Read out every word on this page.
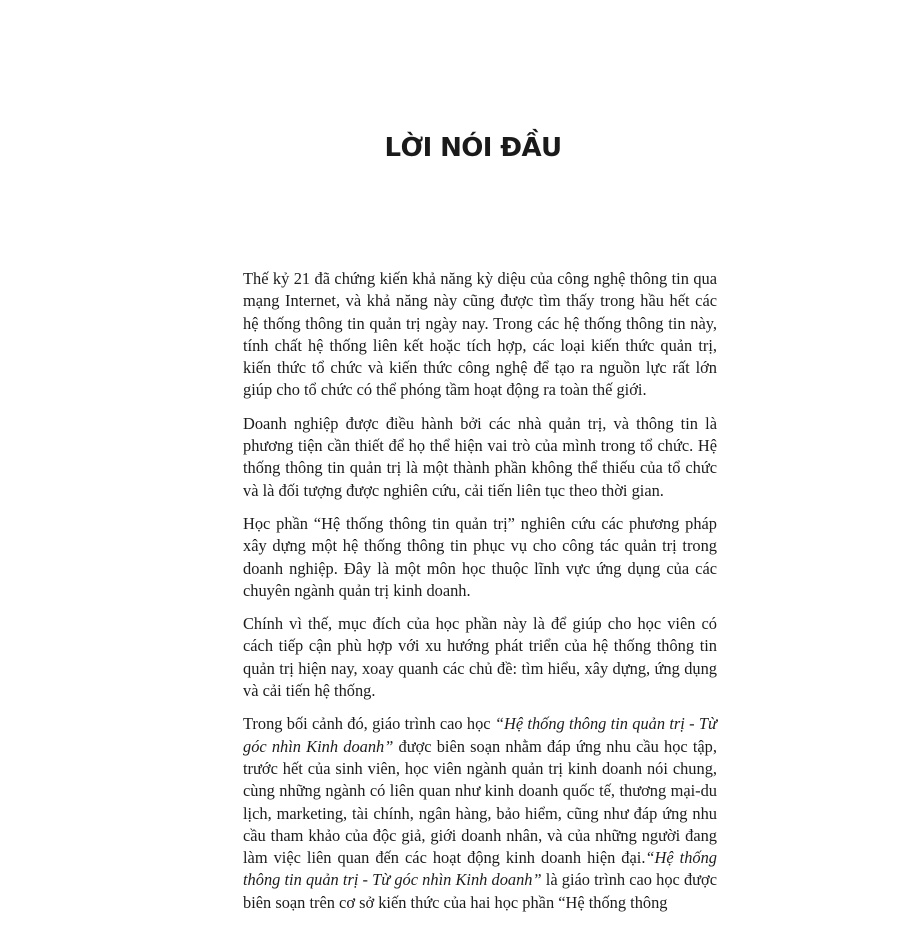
LỜI NÓI ĐẦU

Thế kỷ 21 đã chứng kiến khả năng kỳ diệu của công nghệ thông tin qua mạng Internet, và khả năng này cũng được tìm thấy trong hầu hết các hệ thống thông tin quản trị ngày nay. Trong các hệ thống thông tin này, tính chất hệ thống liên kết hoặc tích hợp, các loại kiến thức quản trị, kiến thức tổ chức và kiến thức công nghệ để tạo ra nguồn lực rất lớn giúp cho tổ chức có thể phóng tầm hoạt động ra toàn thế giới.

Doanh nghiệp được điều hành bởi các nhà quản trị, và thông tin là phương tiện cần thiết để họ thể hiện vai trò của mình trong tổ chức. Hệ thống thông tin quản trị là một thành phần không thể thiếu của tổ chức và là đối tượng được nghiên cứu, cải tiến liên tục theo thời gian.

Học phần “Hệ thống thông tin quản trị” nghiên cứu các phương pháp xây dựng một hệ thống thông tin phục vụ cho công tác quản trị trong doanh nghiệp. Đây là một môn học thuộc lĩnh vực ứng dụng của các chuyên ngành quản trị kinh doanh.

Chính vì thế, mục đích của học phần này là để giúp cho học viên có cách tiếp cận phù hợp với xu hướng phát triển của hệ thống thông tin quản trị hiện nay, xoay quanh các chủ đề: tìm hiểu, xây dựng, ứng dụng và cải tiến hệ thống.

Trong bối cảnh đó, giáo trình cao học “Hệ thống thông tin quản trị - Từ góc nhìn Kinh doanh” được biên soạn nhằm đáp ứng nhu cầu học tập, trước hết của sinh viên, học viên ngành quản trị kinh doanh nói chung, cùng những ngành có liên quan như kinh doanh quốc tế, thương mại-du lịch, marketing, tài chính, ngân hàng, bảo hiểm, cũng như đáp ứng nhu cầu tham khảo của độc giả, giới doanh nhân, và của những người đang làm việc liên quan đến các hoạt động kinh doanh hiện đại.“Hệ thống thông tin quản trị - Từ góc nhìn Kinh doanh” là giáo trình cao học được biên soạn trên cơ sở kiến thức của hai học phần “Hệ thống thông
